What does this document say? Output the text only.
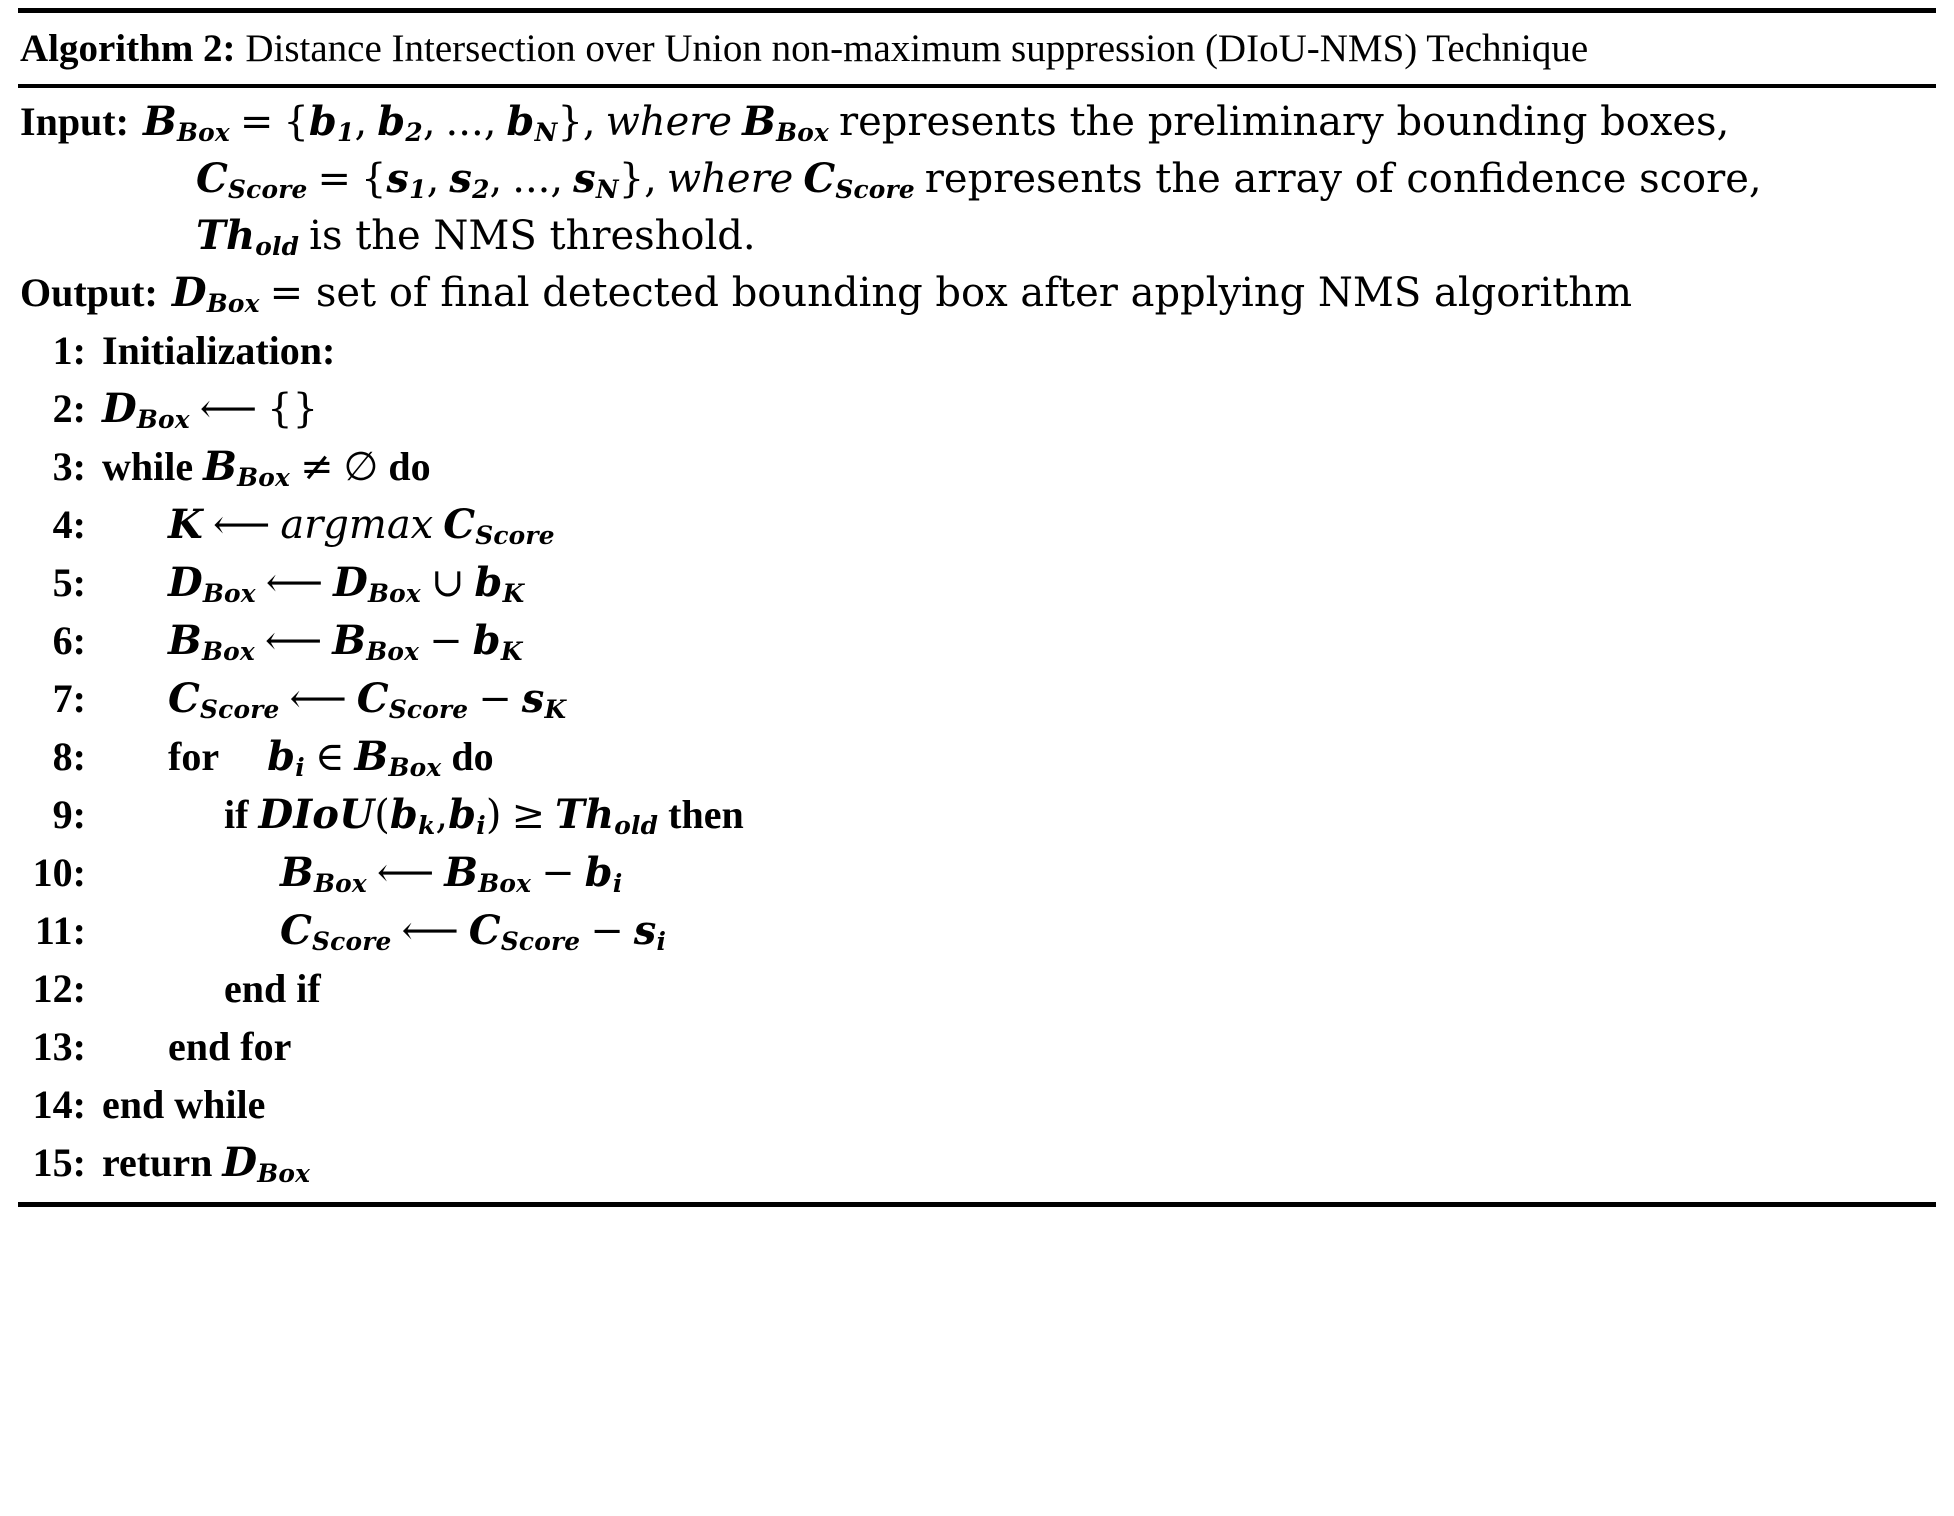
Algorithm 2: Distance Intersection over Union non-maximum suppression (DIoU-NMS) Technique
Input: $B_{Box} = \{b_1$, $b_2$, ..., $b_N$}, where $B_{Box}$ represents the preliminary bounding boxes,
$C_{Score} = \{s_1$, $s_2$, ..., $s_N$}, where $C_{Score}$ represents the array of confidence score,
$Th_{old}$ is the NMS threshold.
Output: $D_{Box}$ = set of final detected bounding box after applying NMS algorithm
1: Initialization:
2: $D_{Box}$ ⟵ {}
3: while $B_{Box}$ ≠ ∅ do
4:	K ⟵ argmax $C_{Score}$
5:	$D_{Box}$ ⟵ $D_{Box}$ ∪ $b_K$
6:	$B_{Box}$ ⟵ $B_{Box} - b_K$
7:	$C_{Score}$ ⟵ $C_{Score} - s_K$
8:	for $b_i$ ∈ $B_{Box}$ do
9:	if $DIoU(b_k,b_i) \ge Th_{old}$ then
10:	$B_{Box}$ ⟵ $B_{Box} - b_i$
11:	$C_{Score}$ ⟵ $C_{Score} - s_i$
12:	end if
13:	end for
14: end while
15: return $D_{Box}$
